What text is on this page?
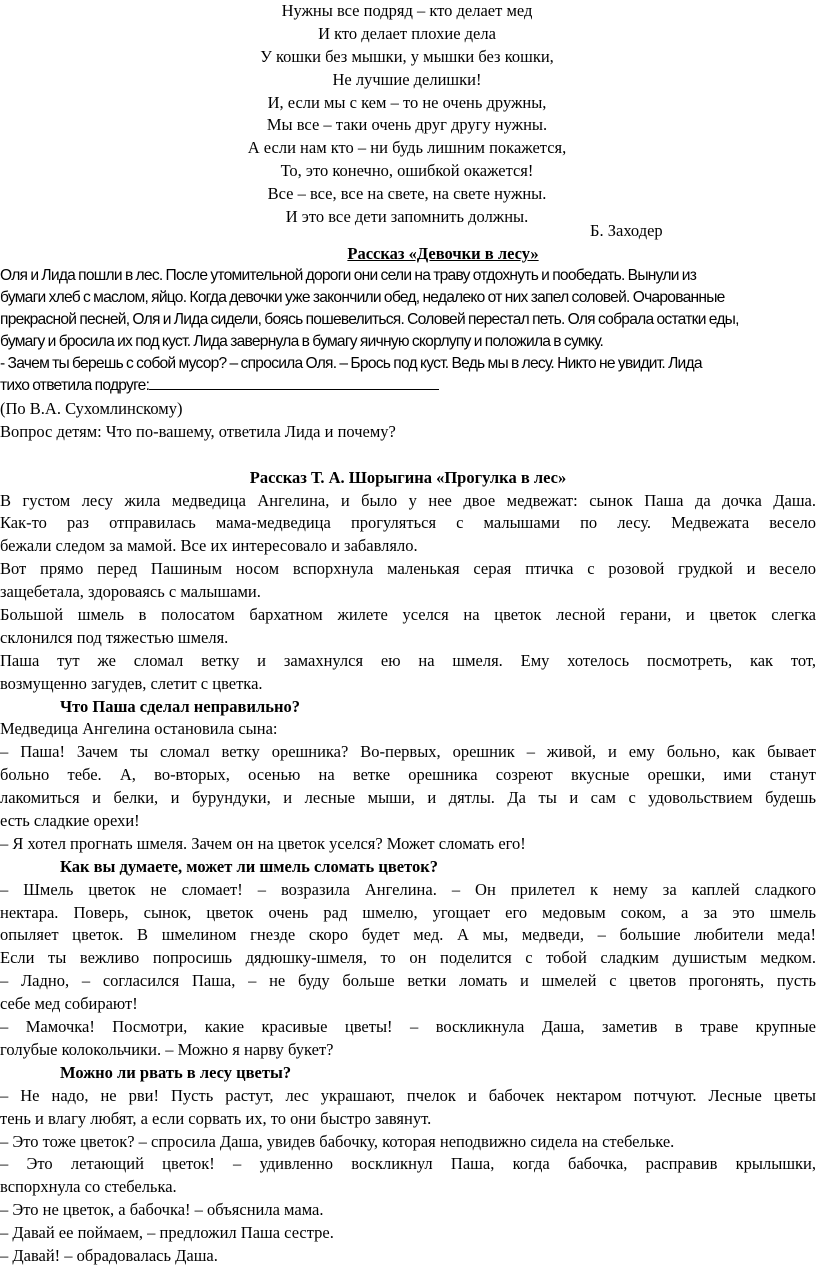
Нужны все подряд – кто делает мед
И кто делает плохие дела
У кошки без мышки, у мышки без кошки,
Не лучшие делишки!
И, если мы с кем – то не очень дружны,
Мы все – таки очень друг другу нужны.
А если нам кто – ни будь лишним покажется,
То, это конечно, ошибкой окажется!
Все – все, все на свете, на свете нужны.
И это все дети запомнить должны.
Б. Заходер
Рассказ «Девочки в лесу»
Оля и Лида пошли в лес. После утомительной дороги они сели на траву отдохнуть и пообедать. Вынули из
бумаги хлеб с маслом, яйцо. Когда девочки уже закончили обед, недалеко от них запел соловей. Очарованные
прекрасной песней, Оля и Лида сидели, боясь пошевелиться. Соловей перестал петь. Оля собрала остатки еды,
бумагу и бросила их под куст. Лида завернула в бумагу яичную скорлупу и положила в сумку.
- Зачем ты берешь с собой мусор? – спросила Оля. – Брось под куст. Ведь мы в лесу. Никто не увидит. Лида
тихо ответила подруге:
(По В.А. Сухомлинскому)
Вопрос детям: Что по-вашему, ответила Лида и почему?
Рассказ Т. А. Шорыгина «Прогулка в лес»
В густом лесу жила медведица Ангелина, и было у нее двое медвежат: сынок Паша да дочка Даша.
Как-то раз отправилась мама-медведица прогуляться с малышами по лесу. Медвежата весело
бежали следом за мамой. Все их интересовало и забавляло.
Вот прямо перед Пашиным носом вспорхнула маленькая серая птичка с розовой грудкой и весело
защебетала, здороваясь с малышами.
Большой шмель в полосатом бархатном жилете уселся на цветок лесной герани, и цветок слегка
склонился под тяжестью шмеля.
Паша тут же сломал ветку и замахнулся ею на шмеля. Ему хотелось посмотреть, как тот,
возмущенно загудев, слетит с цветка.
Что Паша сделал неправильно?
Медведица Ангелина остановила сына:
– Паша! Зачем ты сломал ветку орешника? Во-первых, орешник – живой, и ему больно, как бывает
больно тебе. А, во-вторых, осенью на ветке орешника созреют вкусные орешки, ими станут
лакомиться и белки, и бурундуки, и лесные мыши, и дятлы. Да ты и сам с удовольствием будешь
есть сладкие орехи!
– Я хотел прогнать шмеля. Зачем он на цветок уселся? Может сломать его!
Как вы думаете, может ли шмель сломать цветок?
– Шмель цветок не сломает! – возразила Ангелина. – Он прилетел к нему за каплей сладкого
нектара. Поверь, сынок, цветок очень рад шмелю, угощает его медовым соком, а за это шмель
опыляет цветок. В шмелином гнезде скоро будет мед. А мы, медведи, – большие любители меда!
Если ты вежливо попросишь дядюшку-шмеля, то он поделится с тобой сладким душистым медком.
– Ладно, – согласился Паша, – не буду больше ветки ломать и шмелей с цветов прогонять, пусть
себе мед собирают!
– Мамочка! Посмотри, какие красивые цветы! – воскликнула Даша, заметив в траве крупные
голубые колокольчики. – Можно я нарву букет?
Можно ли рвать в лесу цветы?
– Не надо, не рви! Пусть растут, лес украшают, пчелок и бабочек нектаром потчуют. Лесные цветы
тень и влагу любят, а если сорвать их, то они быстро завянут.
– Это тоже цветок? – спросила Даша, увидев бабочку, которая неподвижно сидела на стебельке.
– Это летающий цветок! – удивленно воскликнул Паша, когда бабочка, расправив крылышки,
вспорхнула со стебелька.
– Это не цветок, а бабочка! – объяснила мама.
– Давай ее поймаем, – предложил Паша сестре.
– Давай! – обрадовалась Даша.
